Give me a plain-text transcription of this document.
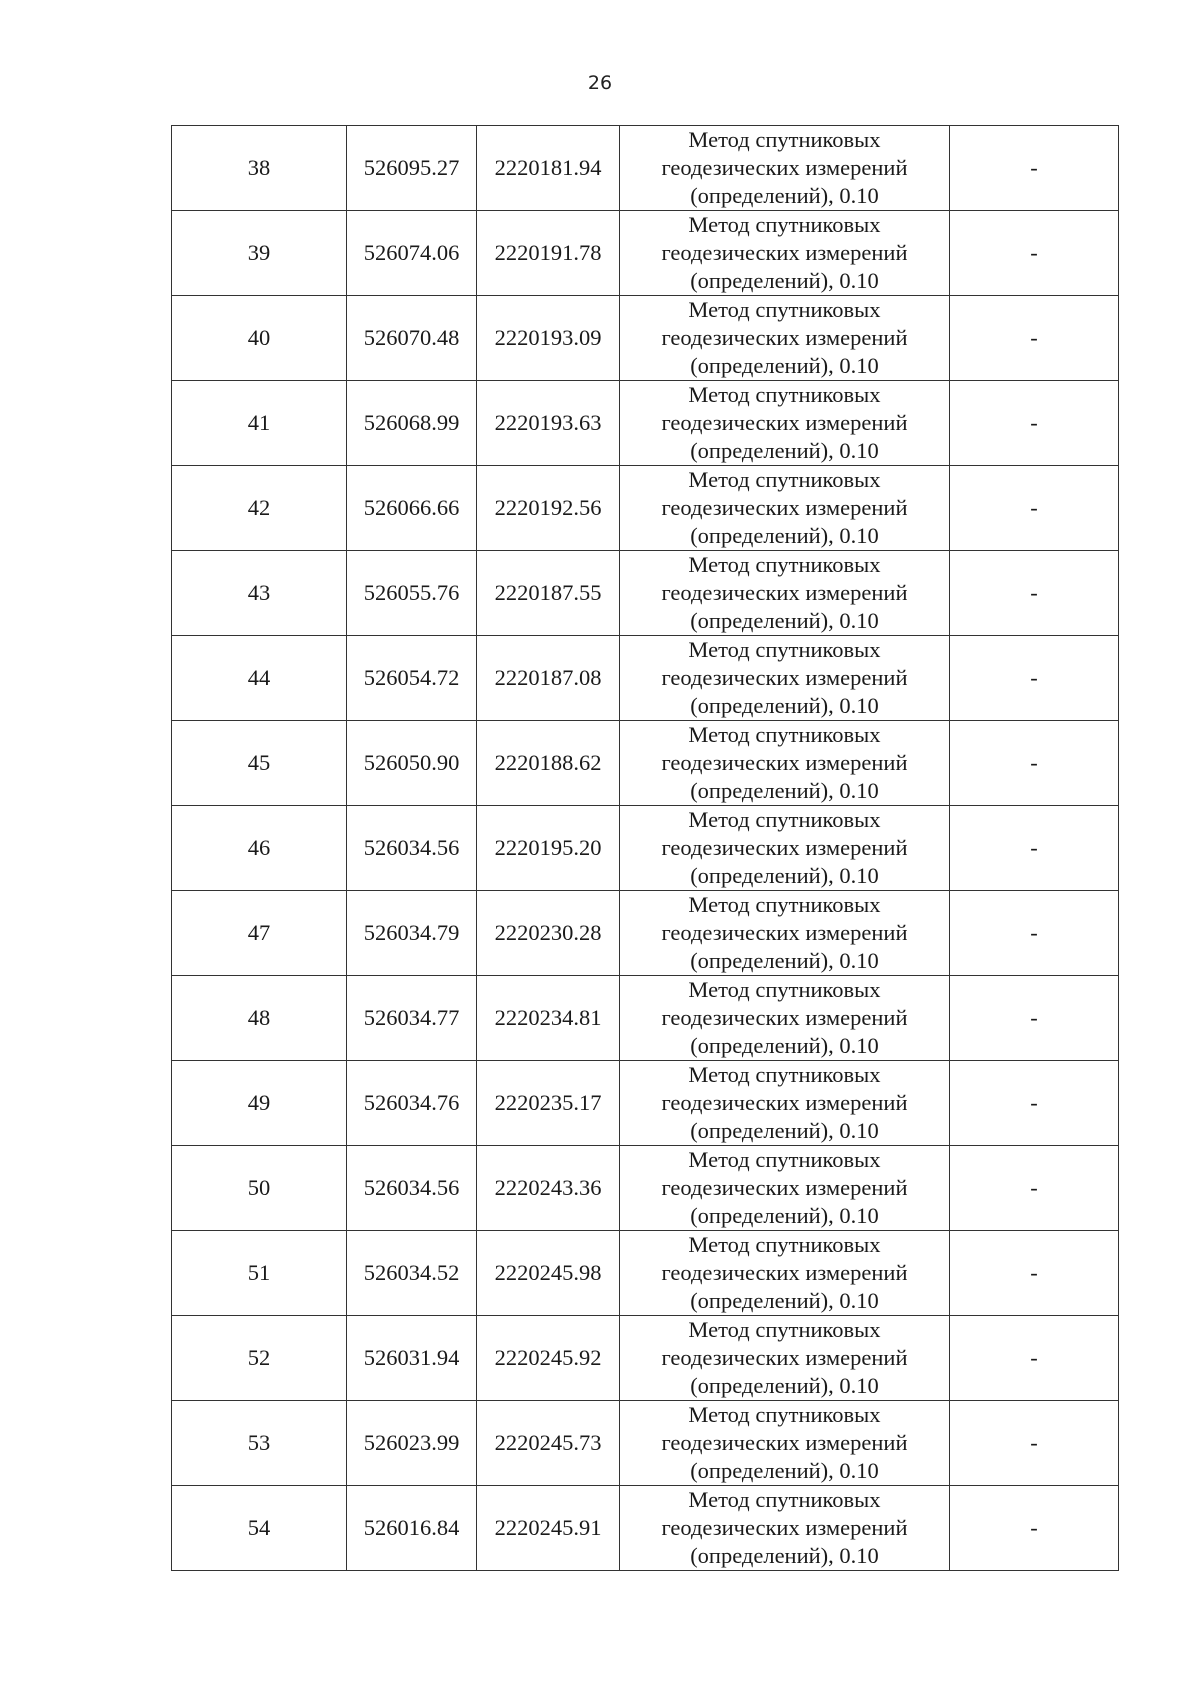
26
38	526095.27	2220181.94	Метод спутниковых
геодезических измерений
(определений), 0.10	-
39	526074.06	2220191.78	Метод спутниковых
геодезических измерений
(определений), 0.10	-
40	526070.48	2220193.09	Метод спутниковых
геодезических измерений
(определений), 0.10	-
41	526068.99	2220193.63	Метод спутниковых
геодезических измерений
(определений), 0.10	-
42	526066.66	2220192.56	Метод спутниковых
геодезических измерений
(определений), 0.10	-
43	526055.76	2220187.55	Метод спутниковых
геодезических измерений
(определений), 0.10	-
44	526054.72	2220187.08	Метод спутниковых
геодезических измерений
(определений), 0.10	-
45	526050.90	2220188.62	Метод спутниковых
геодезических измерений
(определений), 0.10	-
46	526034.56	2220195.20	Метод спутниковых
геодезических измерений
(определений), 0.10	-
47	526034.79	2220230.28	Метод спутниковых
геодезических измерений
(определений), 0.10	-
48	526034.77	2220234.81	Метод спутниковых
геодезических измерений
(определений), 0.10	-
49	526034.76	2220235.17	Метод спутниковых
геодезических измерений
(определений), 0.10	-
50	526034.56	2220243.36	Метод спутниковых
геодезических измерений
(определений), 0.10	-
51	526034.52	2220245.98	Метод спутниковых
геодезических измерений
(определений), 0.10	-
52	526031.94	2220245.92	Метод спутниковых
геодезических измерений
(определений), 0.10	-
53	526023.99	2220245.73	Метод спутниковых
геодезических измерений
(определений), 0.10	-
54	526016.84	2220245.91	Метод спутниковых
геодезических измерений
(определений), 0.10	-
